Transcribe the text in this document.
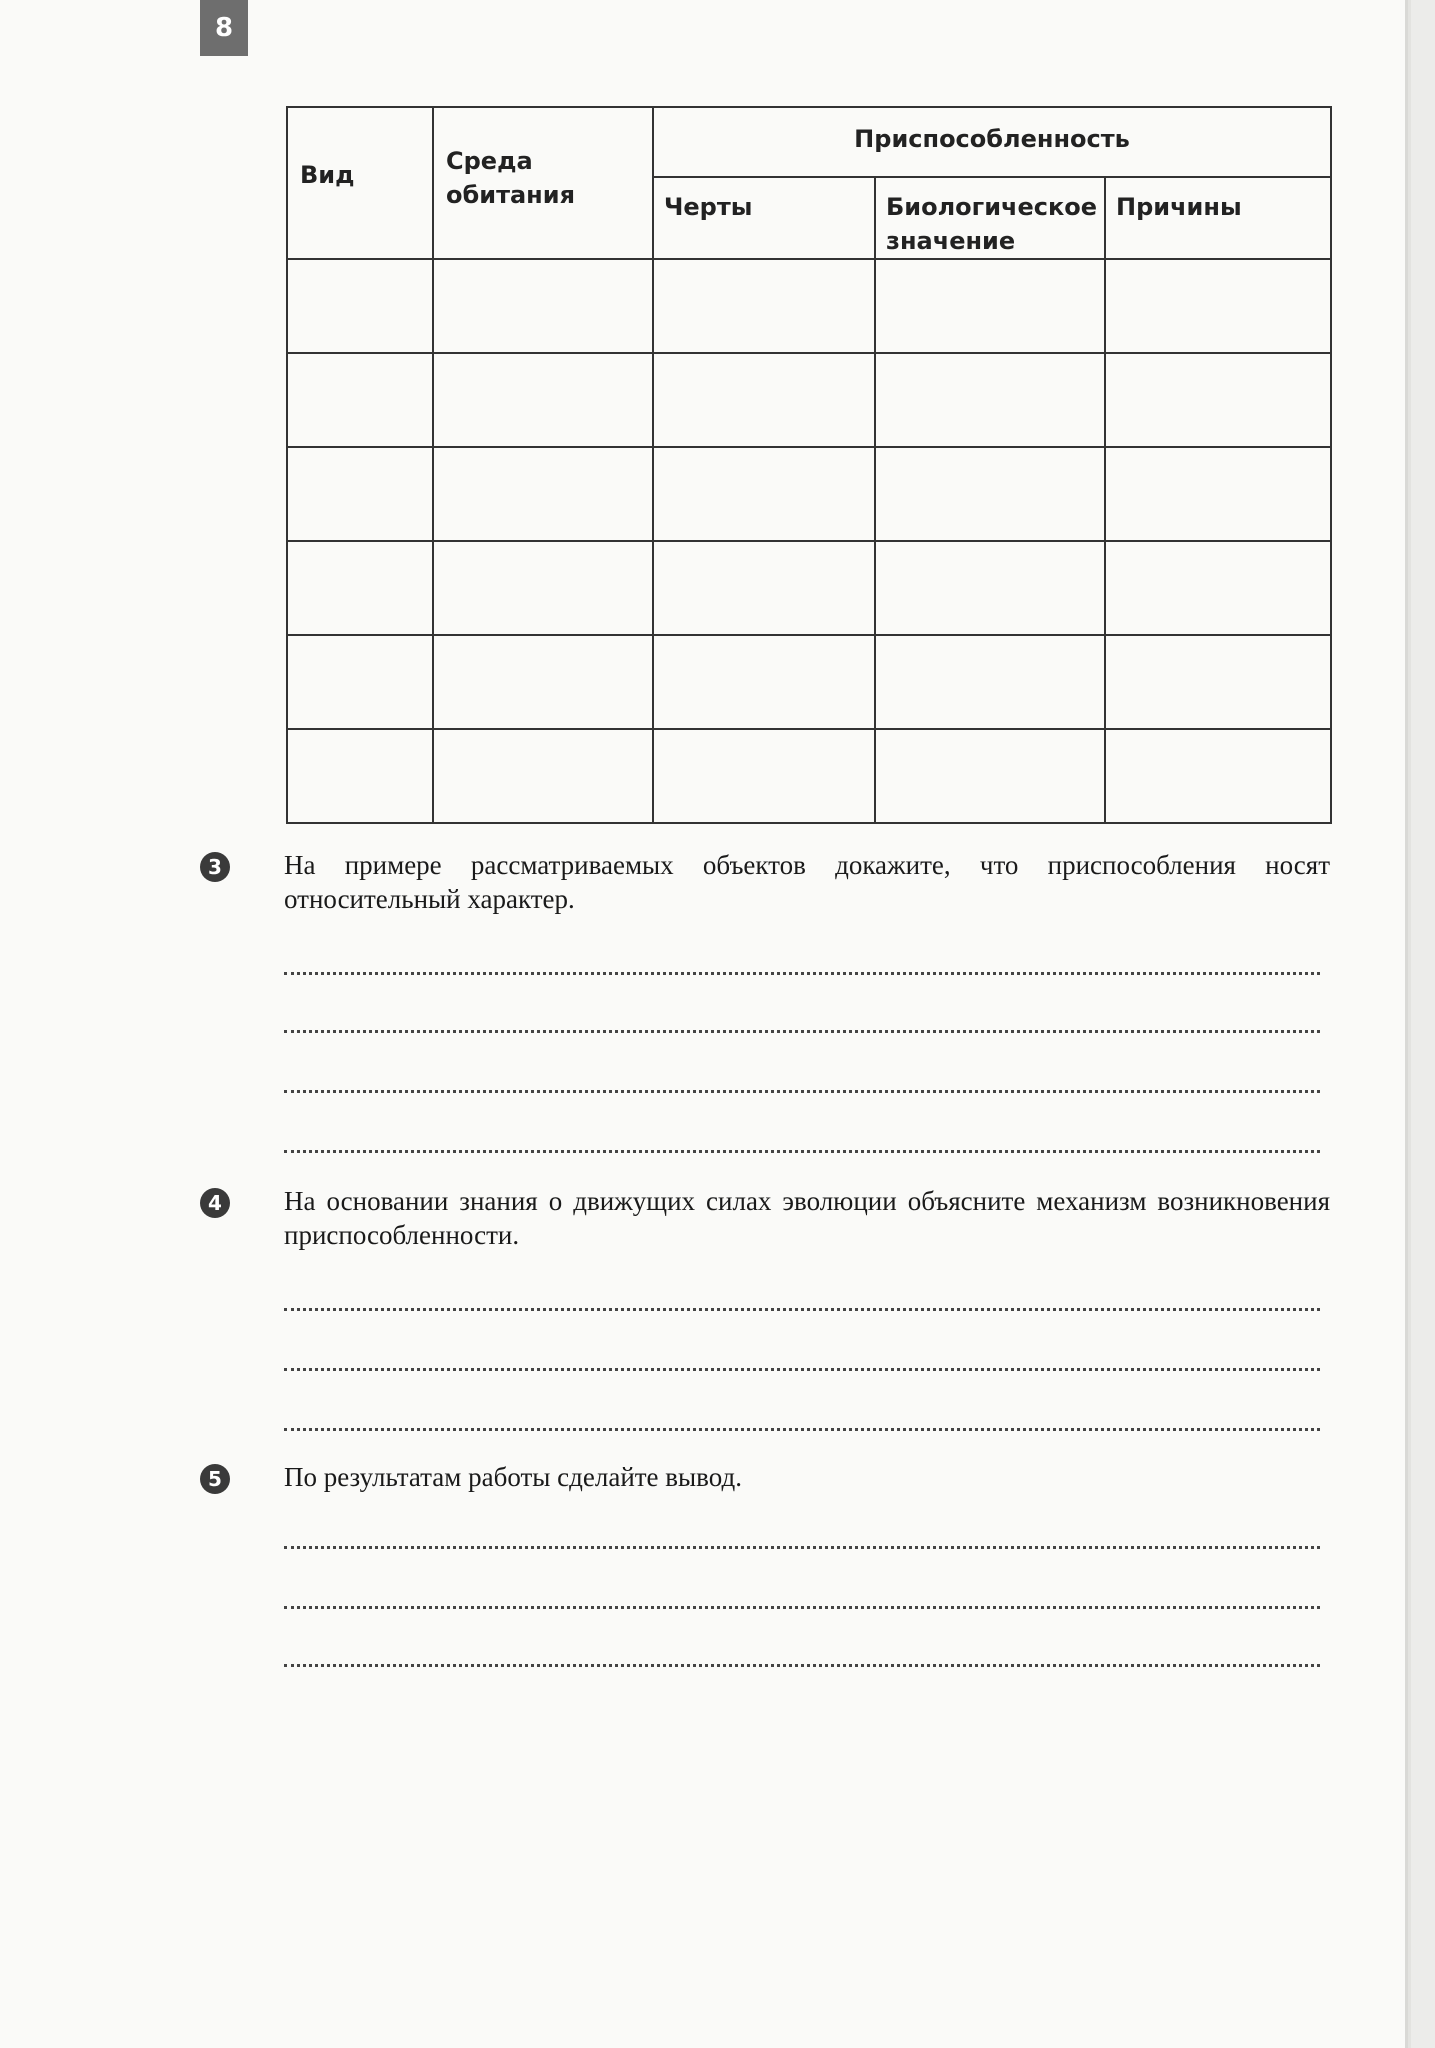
8
Вид	Среда обитания	Приспособленность		
		Черты	Биологическое значение	Причины

3 На примере рассматриваемых объектов докажите, что приспособления носят относительный характер.
4 На основании знания о движущих силах эволюции объясните механизм возникновения приспособленности.
5 По результатам работы сделайте вывод.
